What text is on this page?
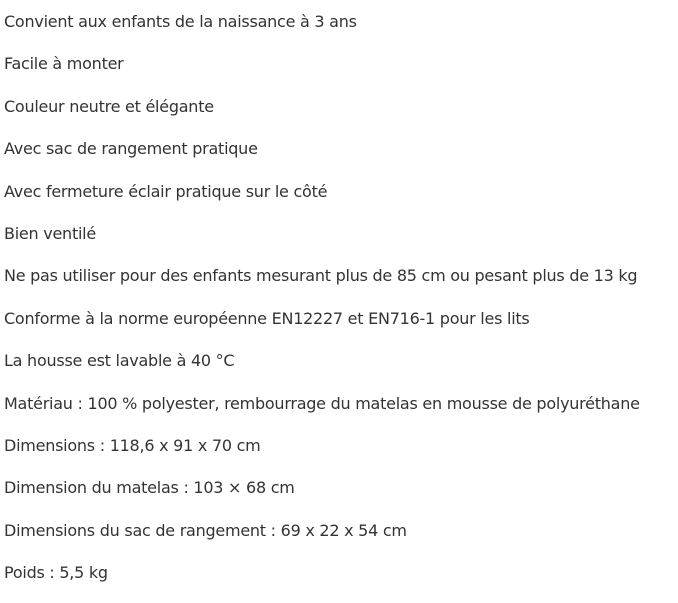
Convient aux enfants de la naissance à 3 ans
Facile à monter
Couleur neutre et élégante
Avec sac de rangement pratique
Avec fermeture éclair pratique sur le côté
Bien ventilé
Ne pas utiliser pour des enfants mesurant plus de 85 cm ou pesant plus de 13 kg
Conforme à la norme européenne EN12227 et EN716-1 pour les lits
La housse est lavable à 40 °C
Matériau : 100 % polyester, rembourrage du matelas en mousse de polyuréthane
Dimensions : 118,6 x 91 x 70 cm
Dimension du matelas : 103 × 68 cm
Dimensions du sac de rangement : 69 x 22 x 54 cm
Poids : 5,5 kg
